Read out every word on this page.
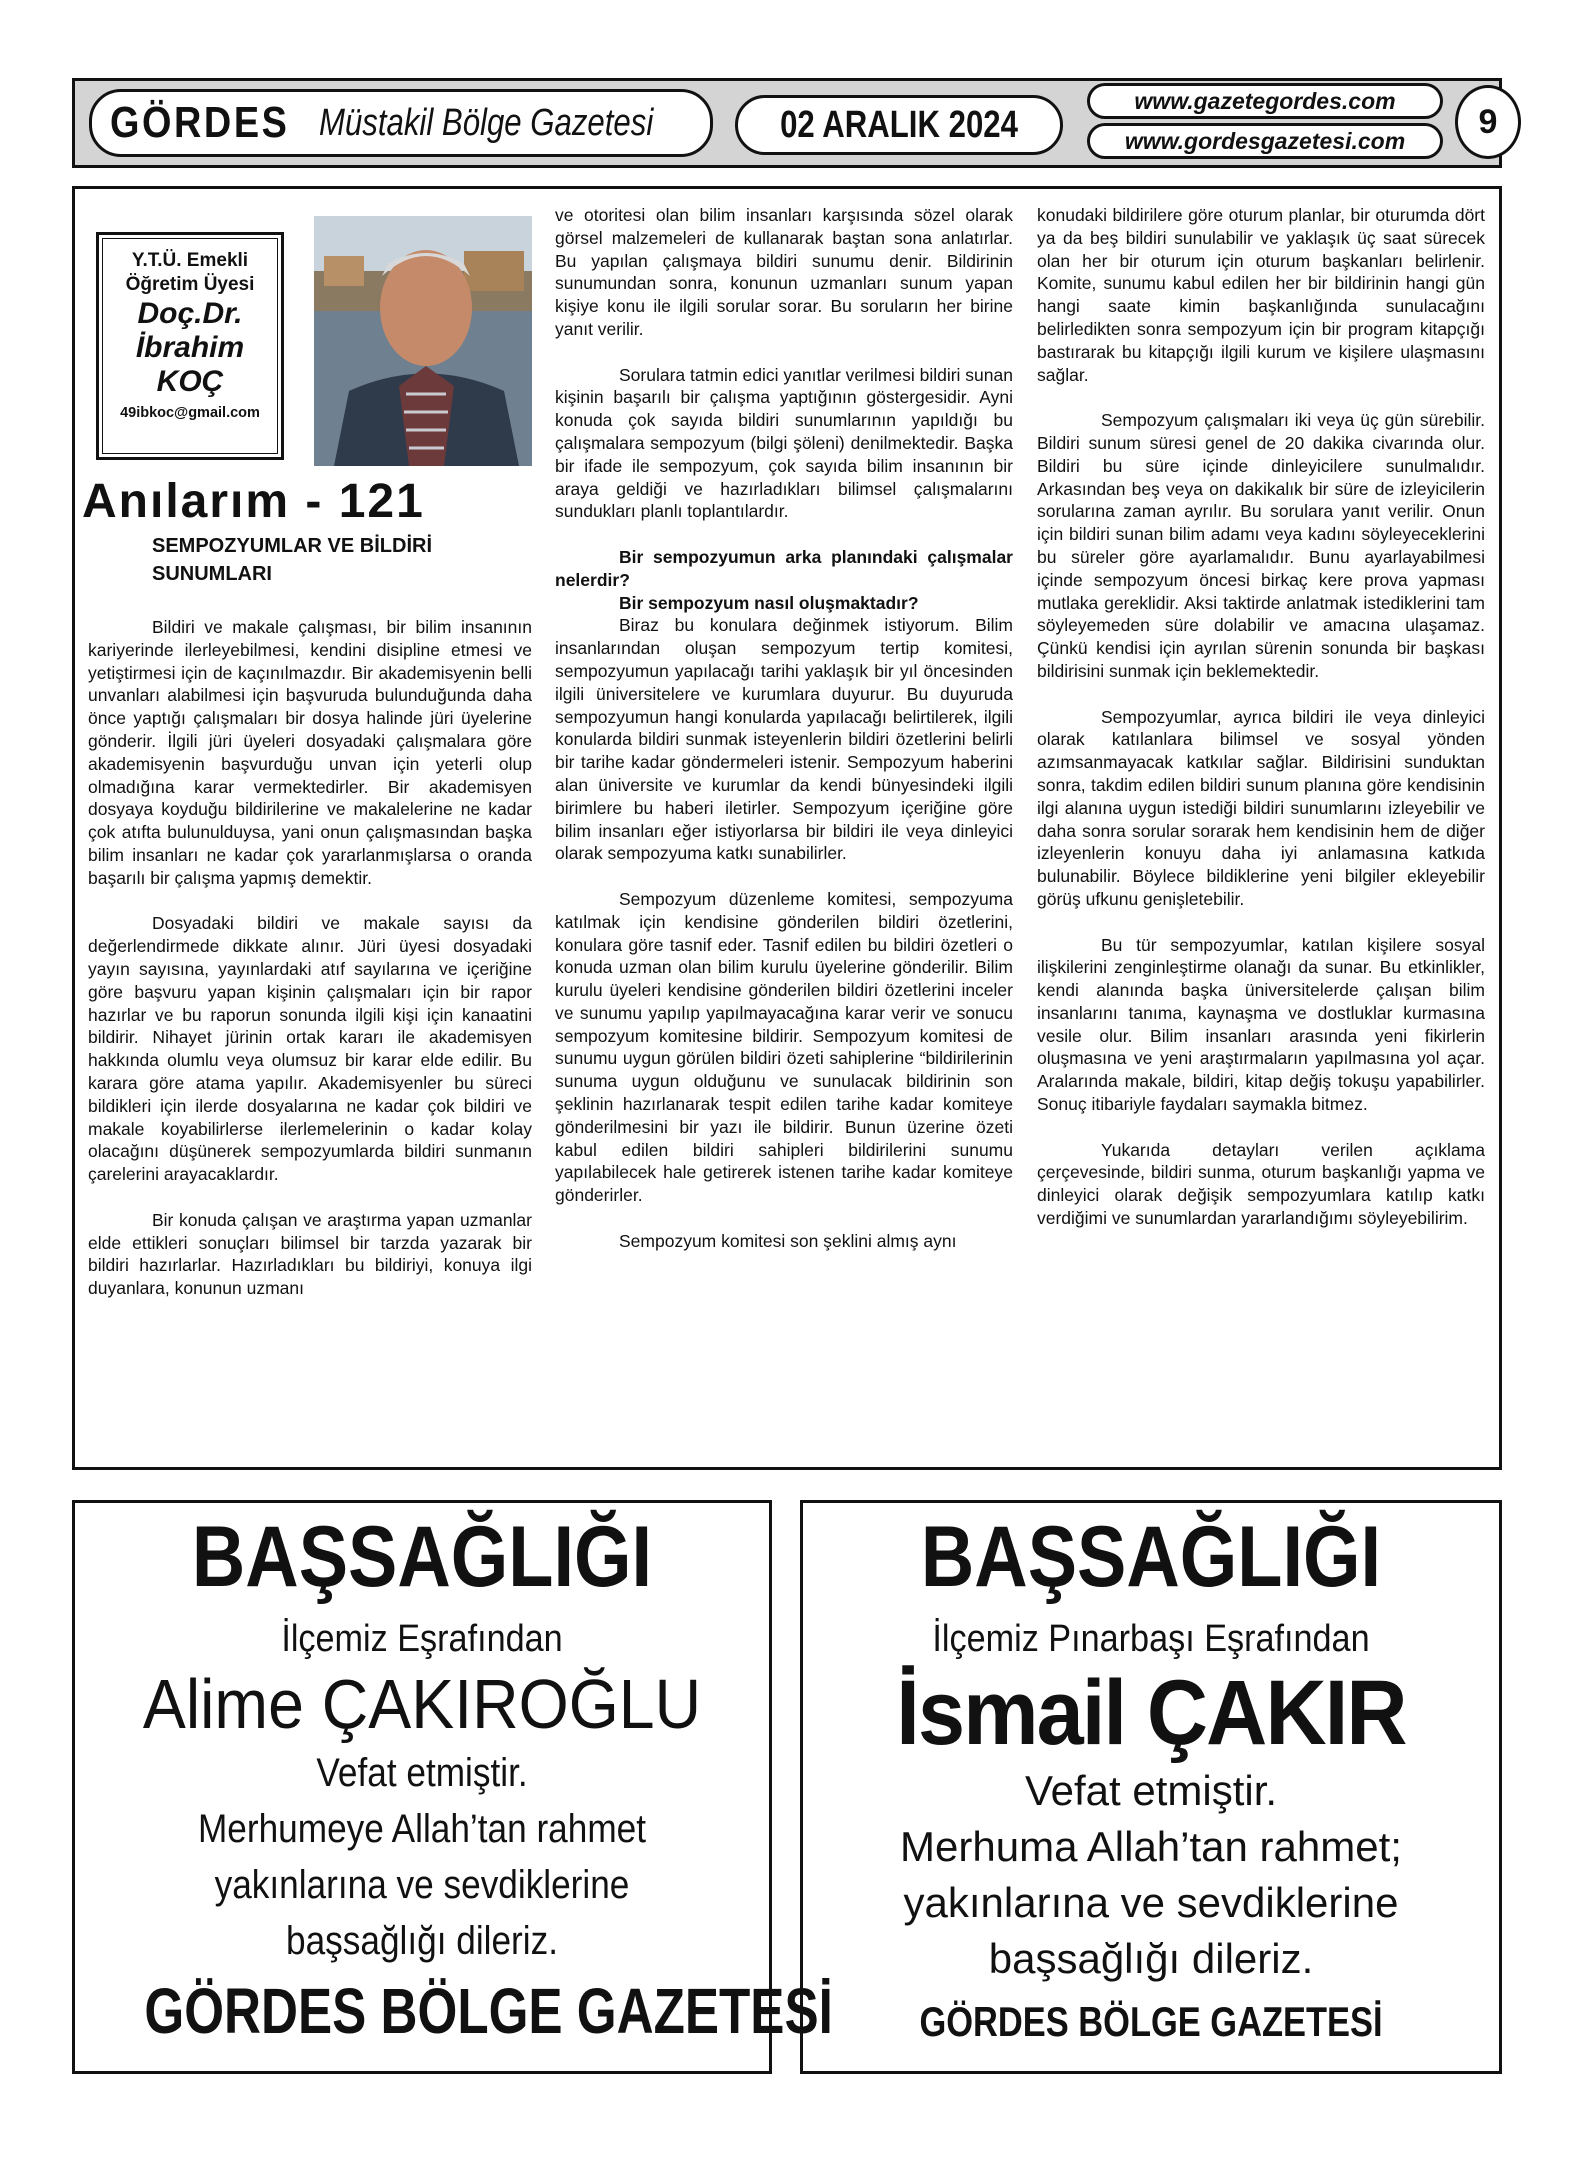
GÖRDES Müstakil Bölge Gazetesi	02 ARALIK 2024
www.gazetegordes.com
www.gordesgazetesi.com 9
Y.T.Ü. Emekli
Öğretim Üyesi
Doç.Dr.
İbrahim
KOÇ
49ibkoc@gmail.com
Anılarım - 121
SEMPOZYUMLAR VE BİLDİRİ SUNUMLARI

Bildiri ve makale çalışması, bir bilim insanının kariyerinde ilerleyebilmesi, kendini disipline etmesi ve yetiştirmesi için de kaçınılmazdır. Bir akademisyenin belli unvanları alabilmesi için başvuruda bulunduğunda daha önce yaptığı çalışmaları bir dosya halinde jüri üyelerine gönderir. İlgili jüri üyeleri dosyadaki çalışmalara göre akademisyenin başvurduğu unvan için yeterli olup olmadığına karar vermektedirler. Bir akademisyen dosyaya koyduğu bildirilerine ve makalelerine ne kadar çok atıfta bulunulduysa, yani onun çalışmasından başka bilim insanları ne kadar çok yararlanmışlarsa o oranda başarılı bir çalışma yapmış demektir.

Dosyadaki bildiri ve makale sayısı da değerlendirmede dikkate alınır. Jüri üyesi dosyadaki yayın sayısına, yayınlardaki atıf sayılarına ve içeriğine göre başvuru yapan kişinin çalışmaları için bir rapor hazırlar ve bu raporun sonunda ilgili kişi için kanaatini bildirir. Nihayet jürinin ortak kararı ile akademisyen hakkında olumlu veya olumsuz bir karar elde edilir. Bu karara göre atama yapılır. Akademisyenler bu süreci bildikleri için ilerde dosyalarına ne kadar çok bildiri ve makale koyabilirlerse ilerlemelerinin o kadar kolay olacağını düşünerek sempozyumlarda bildiri sunmanın çarelerini arayacaklardır.

Bir konuda çalışan ve araştırma yapan uzmanlar elde ettikleri sonuçları bilimsel bir tarzda yazarak bir bildiri hazırlarlar. Hazırladıkları bu bildiriyi, konuya ilgi duyanlara, konunun uzmanı

ve otoritesi olan bilim insanları karşısında sözel olarak görsel malzemeleri de kullanarak baştan sona anlatırlar. Bu yapılan çalışmaya bildiri sunumu denir. Bildirinin sunumundan sonra, konunun uzmanları sunum yapan kişiye konu ile ilgili sorular sorar. Bu soruların her birine yanıt verilir.

Sorulara tatmin edici yanıtlar verilmesi bildiri sunan kişinin başarılı bir çalışma yaptığının göstergesidir. Ayni konuda çok sayıda bildiri sunumlarının yapıldığı bu çalışmalara sempozyum (bilgi şöleni) denilmektedir. Başka bir ifade ile sempozyum, çok sayıda bilim insanının bir araya geldiği ve hazırladıkları bilimsel çalışmalarını sundukları planlı toplantılardır.

Bir sempozyumun arka planındaki çalışmalar nelerdir?

Bir sempozyum nasıl oluşmaktadır?

Biraz bu konulara değinmek istiyorum. Bilim insanlarından oluşan sempozyum tertip komitesi, sempozyumun yapılacağı tarihi yaklaşık bir yıl öncesinden ilgili üniversitelere ve kurumlara duyurur. Bu duyuruda sempozyumun hangi konularda yapılacağı belirtilerek, ilgili konularda bildiri sunmak isteyenlerin bildiri özetlerini belirli bir tarihe kadar göndermeleri istenir. Sempozyum haberini alan üniversite ve kurumlar da kendi bünyesindeki ilgili birimlere bu haberi iletirler. Sempozyum içeriğine göre bilim insanları eğer istiyorlarsa bir bildiri ile veya dinleyici olarak sempozyuma katkı sunabilirler.

Sempozyum düzenleme komitesi, sempozyuma katılmak için kendisine gönderilen bildiri özetlerini, konulara göre tasnif eder. Tasnif edilen bu bildiri özetleri o konuda uzman olan bilim kurulu üyelerine gönderilir. Bilim kurulu üyeleri kendisine gönderilen bildiri özetlerini inceler ve sunumu yapılıp yapılmayacağına karar verir ve sonucu sempozyum komitesine bildirir. Sempozyum komitesi de sunumu uygun görülen bildiri özeti sahiplerine “bildirilerinin sunuma uygun olduğunu ve sunulacak bildirinin son şeklinin hazırlanarak tespit edilen tarihe kadar komiteye gönderilmesini bir yazı ile bildirir. Bunun üzerine özeti kabul edilen bildiri sahipleri bildirilerini sunumu yapılabilecek hale getirerek istenen tarihe kadar komiteye gönderirler.

Sempozyum komitesi son şeklini almış aynı

konudaki bildirilere göre oturum planlar, bir oturumda dört ya da beş bildiri sunulabilir ve yaklaşık üç saat sürecek olan her bir oturum için oturum başkanları belirlenir. Komite, sunumu kabul edilen her bir bildirinin hangi gün hangi saate kimin başkanlığında sunulacağını belirledikten sonra sempozyum için bir program kitapçığı bastırarak bu kitapçığı ilgili kurum ve kişilere ulaşmasını sağlar.

Sempozyum çalışmaları iki veya üç gün sürebilir. Bildiri sunum süresi genel de 20 dakika civarında olur. Bildiri bu süre içinde dinleyicilere sunulmalıdır. Arkasından beş veya on dakikalık bir süre de izleyicilerin sorularına zaman ayrılır. Bu sorulara yanıt verilir. Onun için bildiri sunan bilim adamı veya kadını söyleyeceklerini bu süreler göre ayarlamalıdır. Bunu ayarlayabilmesi içinde sempozyum öncesi birkaç kere prova yapması mutlaka gereklidir. Aksi taktirde anlatmak istediklerini tam söyleyemeden süre dolabilir ve amacına ulaşamaz. Çünkü kendisi için ayrılan sürenin sonunda bir başkası bildirisini sunmak için beklemektedir.

Sempozyumlar, ayrıca bildiri ile veya dinleyici olarak katılanlara bilimsel ve sosyal yönden azımsanmayacak katkılar sağlar. Bildirisini sunduktan sonra, takdim edilen bildiri sunum planına göre kendisinin ilgi alanına uygun istediği bildiri sunumlarını izleyebilir ve daha sonra sorular sorarak hem kendisinin hem de diğer izleyenlerin konuyu daha iyi anlamasına katkıda bulunabilir. Böylece bildiklerine yeni bilgiler ekleyebilir görüş ufkunu genişletebilir.

Bu tür sempozyumlar, katılan kişilere sosyal ilişkilerini zenginleştirme olanağı da sunar. Bu etkinlikler, kendi alanında başka üniversitelerde çalışan bilim insanlarını tanıma, kaynaşma ve dostluklar kurmasına vesile olur. Bilim insanları arasında yeni fikirlerin oluşmasına ve yeni araştırmaların yapılmasına yol açar. Aralarında makale, bildiri, kitap değiş tokuşu yapabilirler. Sonuç itibariyle faydaları saymakla bitmez.

Yukarıda detayları verilen açıklama çerçevesinde, bildiri sunma, oturum başkanlığı yapma ve dinleyici olarak değişik sempozyumlara katılıp katkı verdiğimi ve sunumlardan yararlandığımı söyleyebilirim.

BAŞSAĞLIĞI
İlçemiz Eşrafından
Alime ÇAKIROĞLU
Vefat etmiştir.
Merhumeye Allah’tan rahmet
yakınlarına ve sevdiklerine
başsağlığı dileriz.
GÖRDES BÖLGE GAZETESİ
BAŞSAĞLIĞI
İlçemiz Pınarbaşı Eşrafından
İsmail ÇAKIR
Vefat etmiştir.
Merhuma Allah’tan rahmet;
yakınlarına ve sevdiklerine
başsağlığı dileriz.
GÖRDES BÖLGE GAZETESİ
